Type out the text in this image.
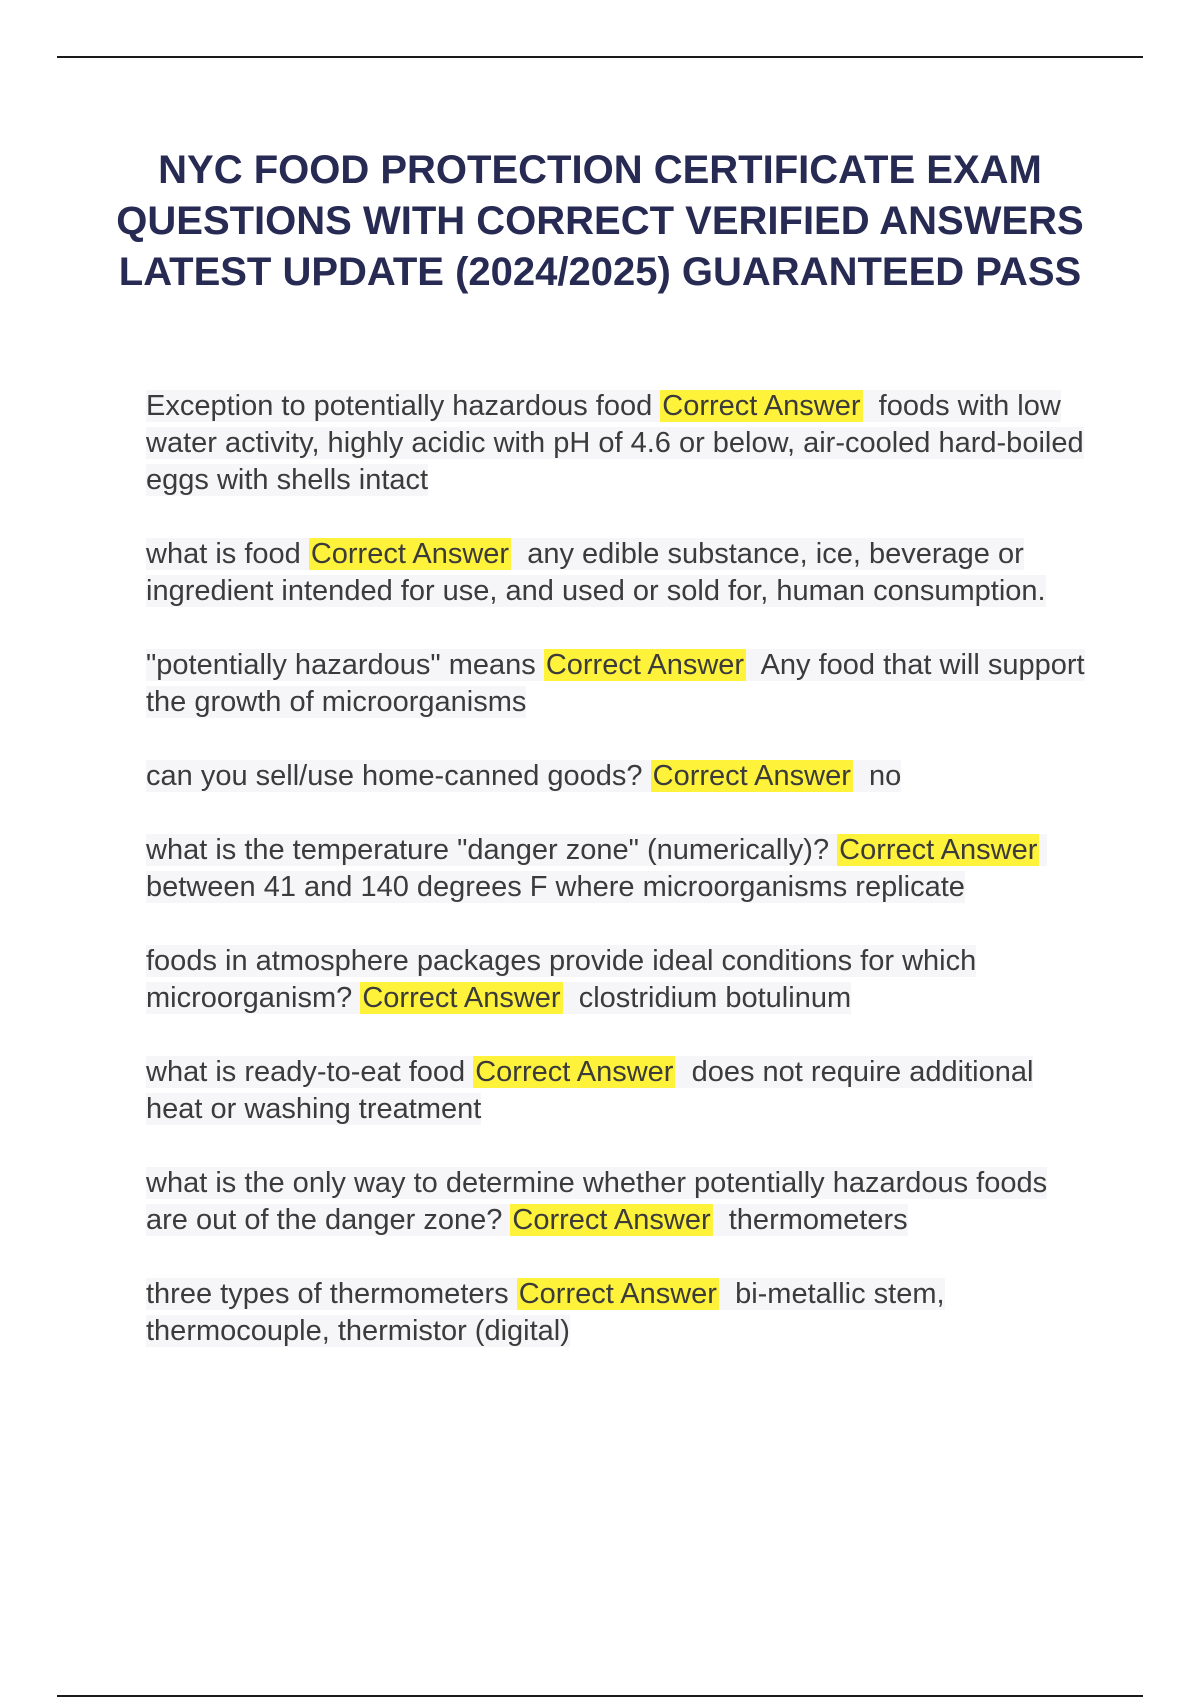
NYC FOOD PROTECTION CERTIFICATE EXAM QUESTIONS WITH CORRECT VERIFIED ANSWERS LATEST UPDATE (2024/2025) GUARANTEED PASS
Exception to potentially hazardous food Correct Answer foods with low water activity, highly acidic with pH of 4.6 or below, air-cooled hard-boiled eggs with shells intact
what is food Correct Answer any edible substance, ice, beverage or ingredient intended for use, and used or sold for, human consumption.
"potentially hazardous" means Correct Answer Any food that will support the growth of microorganisms
can you sell/use home-canned goods? Correct Answer no
what is the temperature "danger zone" (numerically)? Correct Answer  between 41 and 140 degrees F where microorganisms replicate
foods in atmosphere packages provide ideal conditions for which microorganism? Correct Answer clostridium botulinum
what is ready-to-eat food Correct Answer does not require additional heat or washing treatment
what is the only way to determine whether potentially hazardous foods are out of the danger zone? Correct Answer thermometers
three types of thermometers Correct Answer bi-metallic stem, thermocouple, thermistor (digital)
